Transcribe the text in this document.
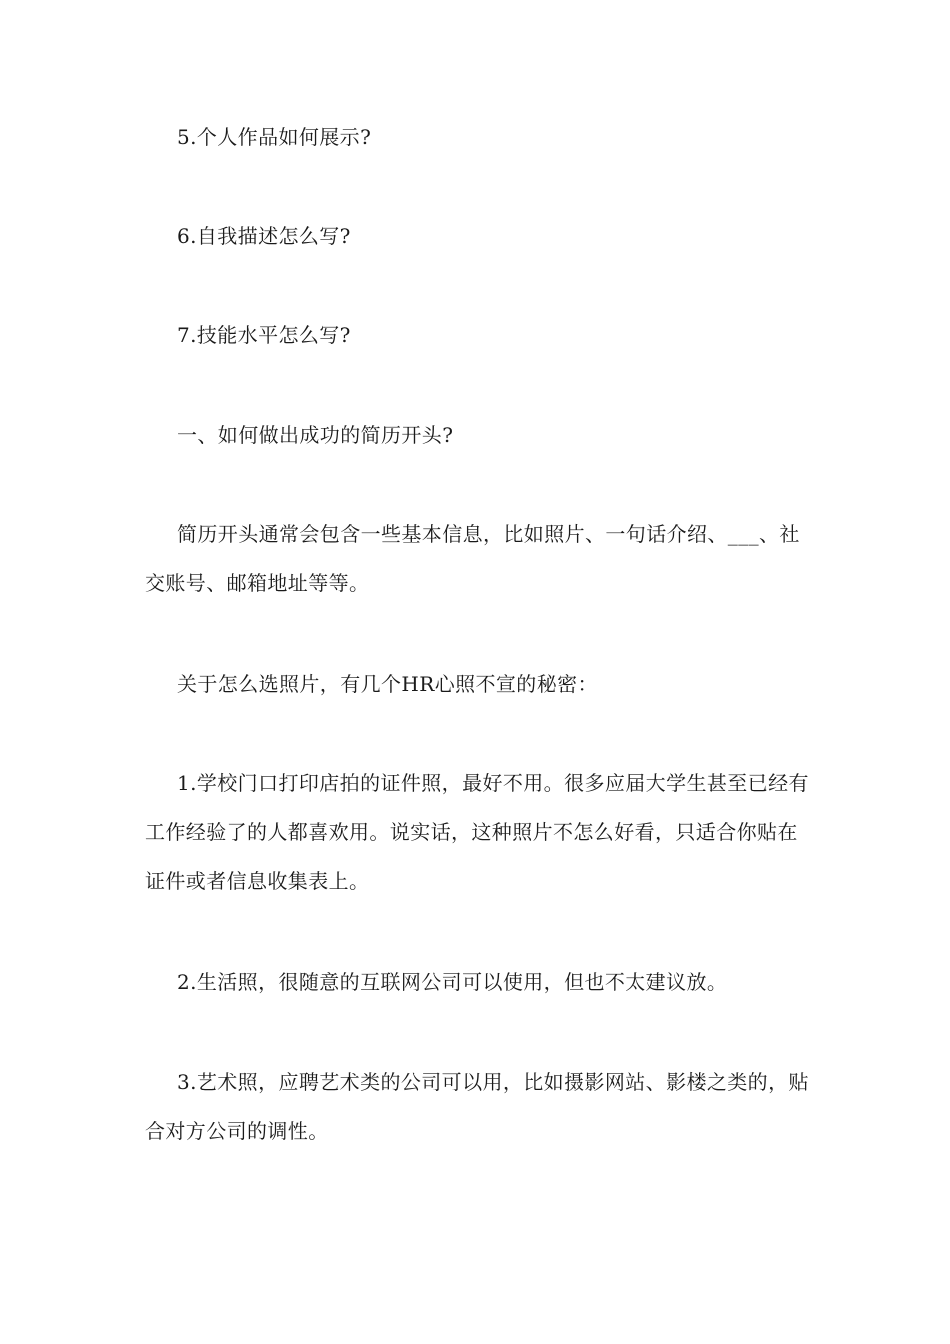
5.个人作品如何展示?

6.自我描述怎么写?

7.技能水平怎么写?

一、如何做出成功的简历开头?

简历开头通常会包含一些基本信息，比如照片、一句话介绍、___、社交账号、邮箱地址等等。

关于怎么选照片，有几个HR心照不宣的秘密：

1.学校门口打印店拍的证件照，最好不用。很多应届大学生甚至已经有工作经验了的人都喜欢用。说实话，这种照片不怎么好看，只适合你贴在证件或者信息收集表上。

2.生活照，很随意的互联网公司可以使用，但也不太建议放。

3.艺术照，应聘艺术类的公司可以用，比如摄影网站、影楼之类的，贴合对方公司的调性。
